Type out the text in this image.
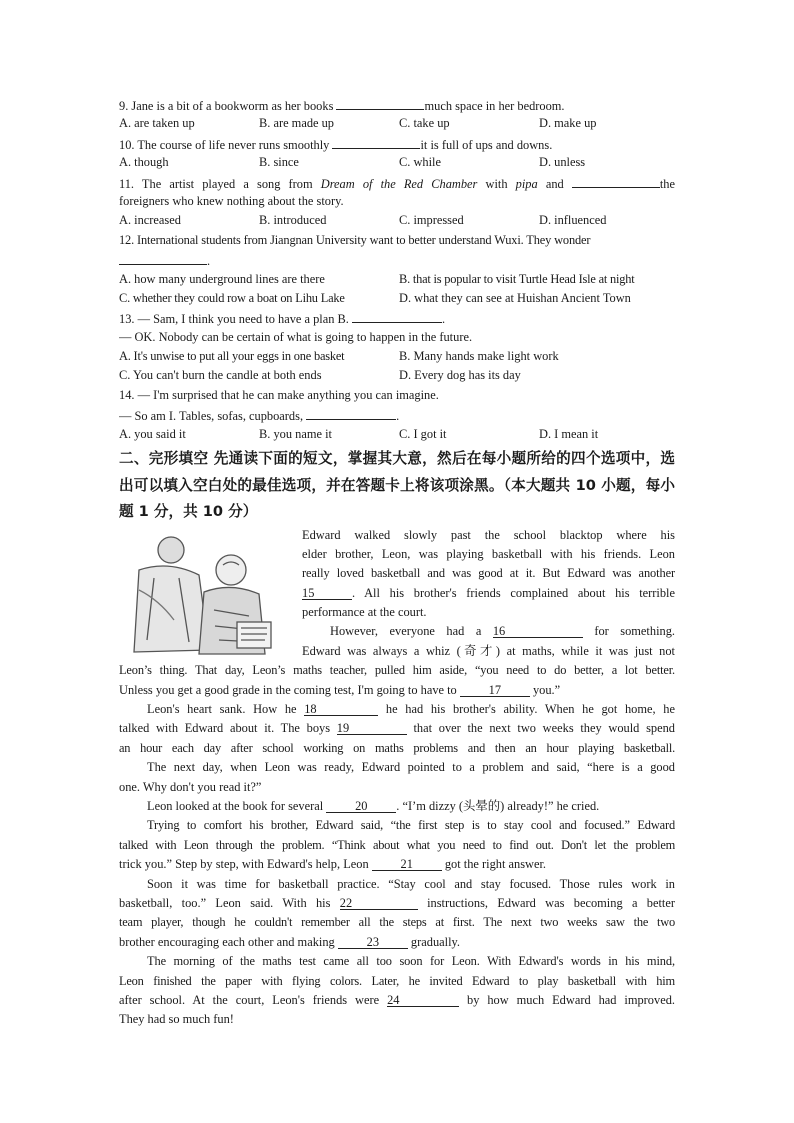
9. Jane is a bit of a bookworm as her books	much space in her bedroom.
A. are taken up	B. are made up	C. take up	D. make up
10. The course of life never runs smoothly	it is full of ups and downs.
A. though	B. since	C. while	D. unless
11. The artist played a song from Dream of the Red Chamber with pipa and	the
foreigners who knew nothing about the story.
A. increased	B. introduced	C. impressed	D. influenced
12. International students from Jiangnan University want to better understand Wuxi. They wonder
.
A. how many underground lines are there	B. that is popular to visit Turtle Head Isle at night
C. whether they could row a boat on Lihu Lake	D. what they can see at Huishan Ancient Town
13. — Sam, I think you need to have a plan B.	.
— OK. Nobody can be certain of what is going to happen in the future.
A. It's unwise to put all your eggs in one basket	B. Many hands make light work
C. You can't burn the candle at both ends	D. Every dog has its day
14. — I'm surprised that he can make anything you can imagine.
— So am I. Tables, sofas, cupboards,	.
A. you said it	B. you name it	C. I got it	D. I mean it
二、完形填空 先通读下面的短文，掌握其大意，然后在每小题所给的四个选项中，选出可以填入空白处的最佳选项，并在答题卡上将该项涂黑。（本大题共 10 小题，每小题 1 分，共 10 分）
Edward walked slowly past the school blacktop where his
elder brother, Leon, was playing basketball with his friends. Leon
really loved basketball and was good at it. But Edward was another
15	. All his brother's friends complained about his terrible
performance at the court.
However, everyone had a 16	for something.
Edward was always a whiz (奇才) at maths, while it was just not
Leon’s thing. That day, Leon’s maths teacher, pulled him aside, “you need to do better, a lot better.
Unless you get a good grade in the coming test, I'm going to have to 17 you.”
Leon's heart sank. How he 18	he had his brother's ability. When he got home, he
talked with Edward about it. The boys 19	that over the next two weeks they would spend
an hour each day after school working on maths problems and then an hour playing basketball.
The next day, when Leon was ready, Edward pointed to a problem and said, “here is a good
one. Why don't you read it?”
Leon looked at the book for several 20 . “I’m dizzy (头晕的) already!” he cried.
Trying to comfort his brother, Edward said, “the first step is to stay cool and focused.” Edward
talked with Leon through the problem. “Think about what you need to find out. Don't let the problem
trick you.” Step by step, with Edward's help, Leon 21 got the right answer.
Soon it was time for basketball practice. “Stay cool and stay focused. Those rules work in
basketball, too.” Leon said. With his 22	instructions, Edward was becoming a better
team player, though he couldn't remember all the steps at first. The next two weeks saw the two
brother encouraging each other and making 23 gradually.
The morning of the maths test came all too soon for Leon. With Edward's words in his mind,
Leon finished the paper with flying colors. Later, he invited Edward to play basketball with him
after school. At the court, Leon's friends were 24	by how much Edward had improved.
They had so much fun!
